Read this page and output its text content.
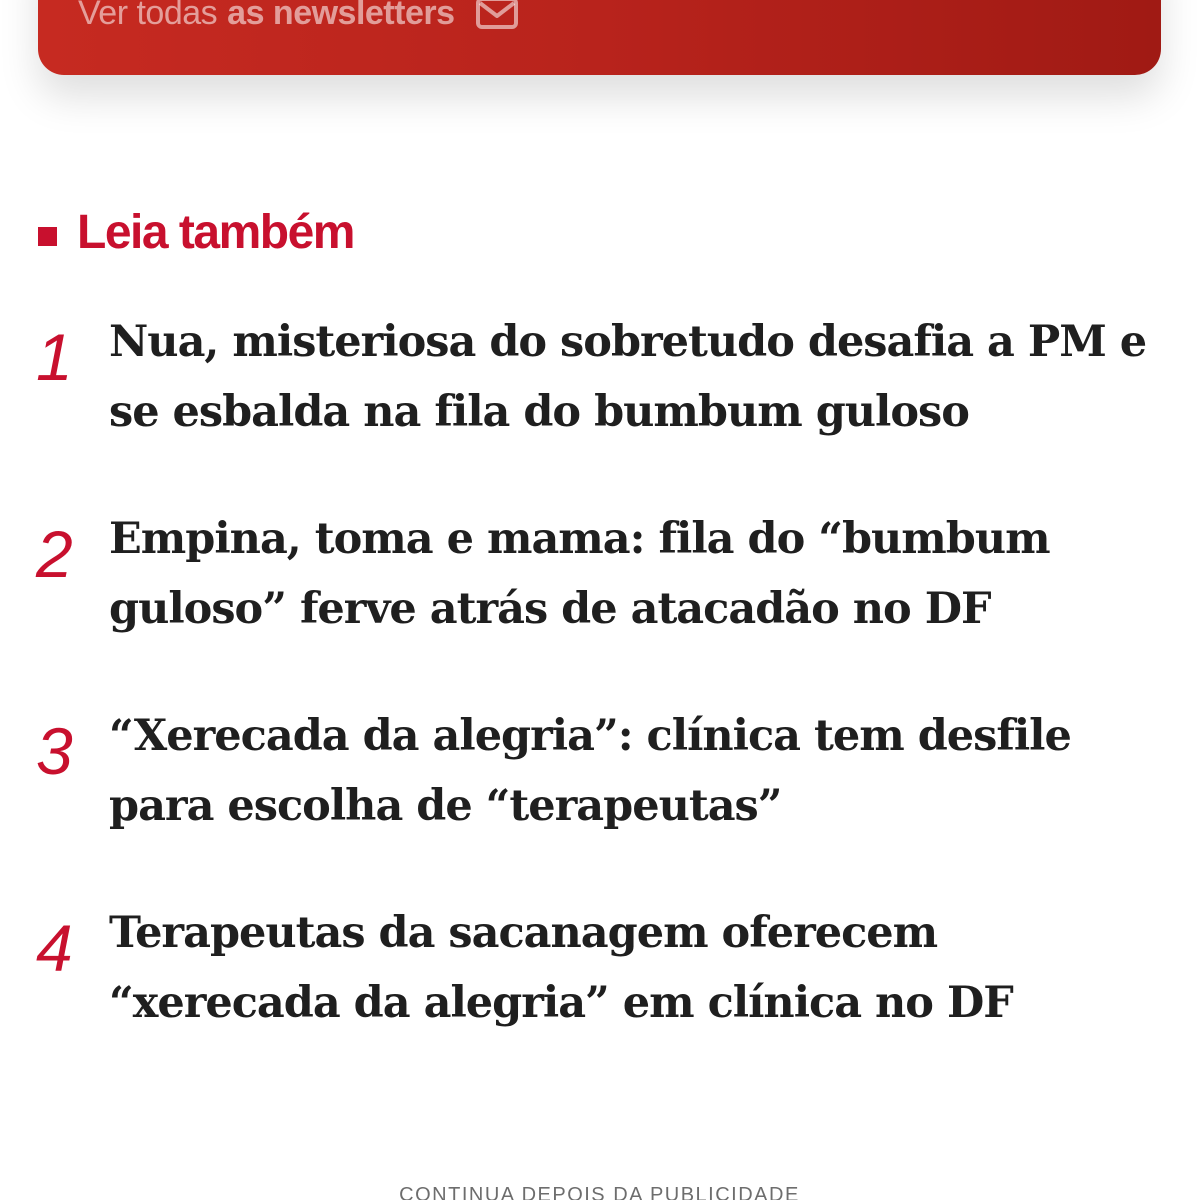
Ver todas as newsletters
Leia também
1 Nua, misteriosa do sobretudo desafia a PM e se esbalda na fila do bumbum guloso
2 Empina, toma e mama: fila do “bumbum guloso” ferve atrás de atacadão no DF
3 “Xerecada da alegria”: clínica tem desfile para escolha de “terapeutas”
4 Terapeutas da sacanagem oferecem “xerecada da alegria” em clínica no DF
CONTINUA DEPOIS DA PUBLICIDADE
